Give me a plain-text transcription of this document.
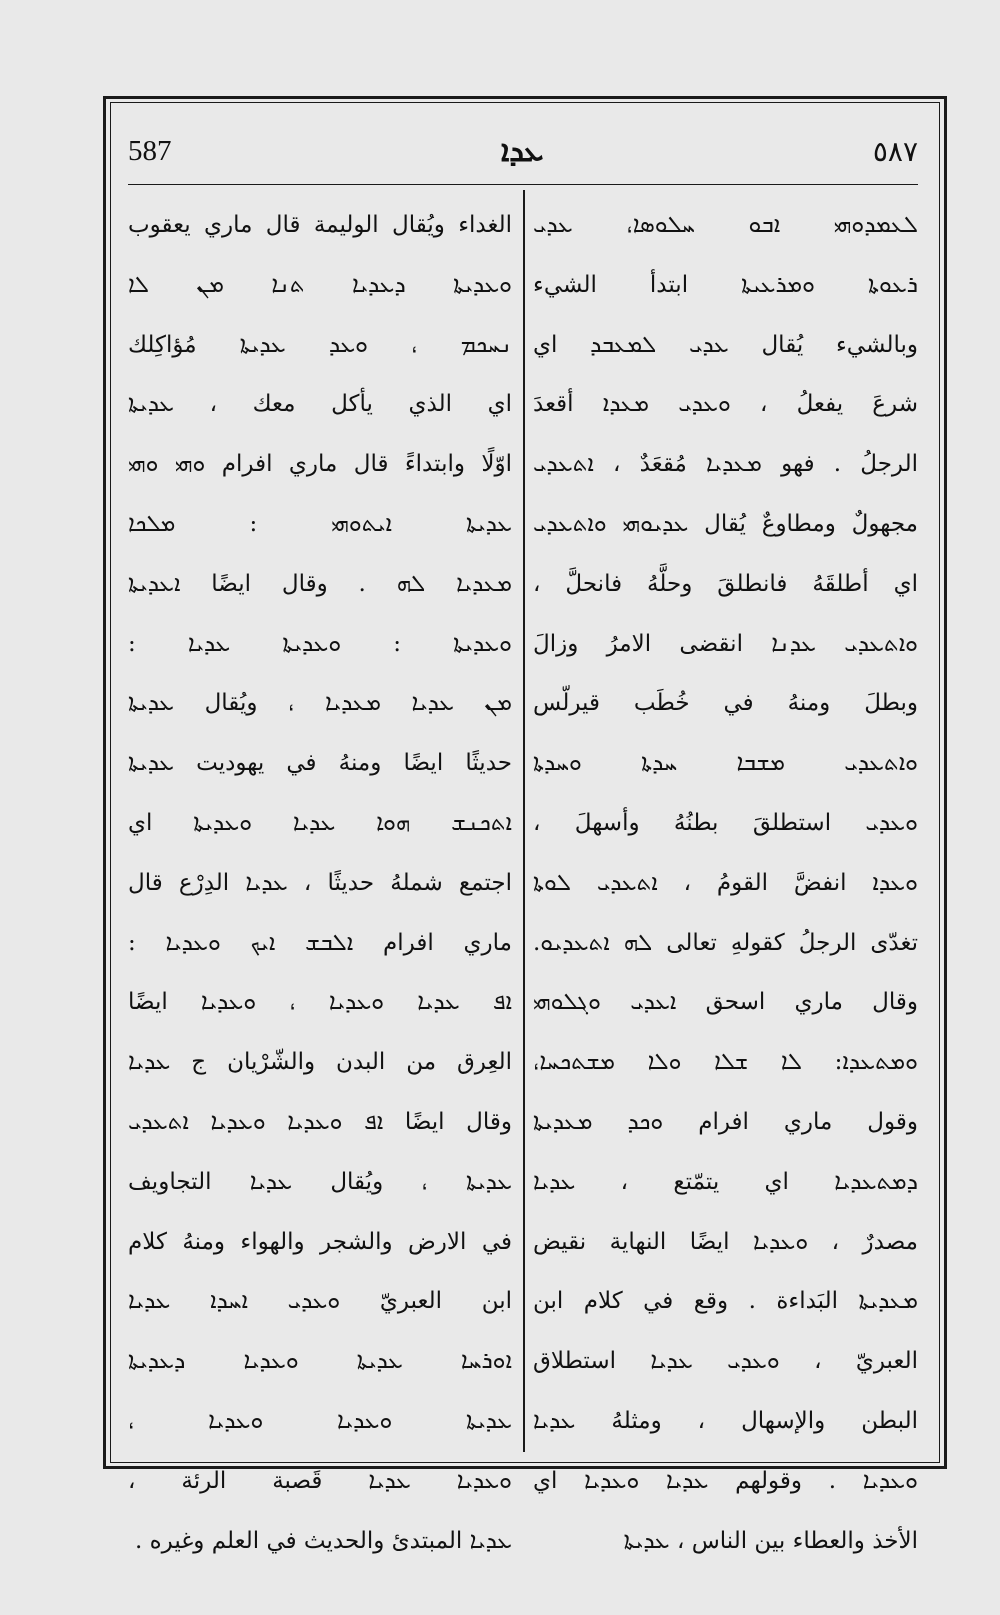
587	ܥܕܐ	٥٨٧
ܠܥܡܕܘܗܝ ܐܒܘ ܚܠܘܣܐ، ܥܕܝ
ܪܥܘܬܐ ܘܡܪܥܝܬܐ ابتدأ الشيء
وبالشيء يُقال ܥܕܝ ܠܡܥܒܕ اي
شرعَ يفعلُ ، ܘܥܕܝ ܡܥܕܐ أقعدَ
الرجلُ . فهو ܡܥܕܝܐ مُقعَدٌ ، ܐܬܥܕܝ
مجهولٌ ومطاوعٌ يُقال ܥܕܝܘܗܝ ܘܐܬܥܕܝ
اي أطلقَهُ فانطلقَ وحلَّهُ فانحلَّ ،
ܘܐܬܥܕܝ ܥܕܢܐ انقضى الامرُ وزالَ
وبطلَ ومنهُ في خُطَب قيرلّس
ܘܐܬܥܕܝ ܡܫܒܐ ܚܕܬܐ ܘܚܕܬܐ
ܘܥܕܝ استطلقَ بطنُهُ وأسهلَ ،
ܘܥܕܐ انفضَّ القومُ ، ܐܬܥܕܝ ܠܘܬܐ
تغدّى الرجلُ كقولهِ تعالى ܠܗ ܐܬܥܕܝܘ.
وقال ماري اسحق ܐܥܕܝ ܘܓܠܘܗܝ
ܘܡܬܥܕܐ: ܠܐ ܫܠܐ ܘܠܐ ܡܫܬܟܚܐ،
وقول ماري افرام ܘܟܕ ܡܥܕܝܬܐ
ܕܡܬܥܕܝܐ اي يتمّتع ، ܥܕܝܐ
مصدرٌ ، ܘܥܕܝܐ ايضًا النهاية نقيض
ܡܥܕܝܬܐ البَداءة . وقع في كلام ابن
العبريّ ، ܘܥܕܝ ܥܕܝܐ استطلاق
البطن والإسهال ، ومثلهُ ܥܕܝܐ
ܘܥܕܝܐ . وقولهم ܥܕܝܐ ܘܥܕܝܐ اي
الأخذ والعطاء بين الناس ، ܥܕܝܬܐ
الغداء ويُقال الوليمة قال ماري يعقوب
ܘܥܕܝܬܐ ܕܥܕܝܐ ܬܢܐ ܡܢ ܠܐ
ܢܚܟܡ ، ܘܥܕ ܥܕܝܬܐ مُؤاكِلك
اي الذي يأكل معك ، ܥܕܝܬܐ
اوّلًا وابتداءً قال ماري افرام ܘܗܝ ܘܗܝ
ܥܕܝܬܐ ܐܝܬܘܗܝ : ܡܠܟܐ
ܡܥܕܝܐ ܠܗ . وقال ايضًا ܐܥܕܝܬܐ
ܘܥܕܝܬܐ : ܘܥܕܝܬܐ ܥܕܝܐ :
ܡܢ ܥܕܝܐ ܡܥܕܝܐ ، ويُقال ܥܕܝܬܐ
حديثًا ايضًا ومنهُ في يهوديت ܥܕܝܬܐ
ܐܬܟܢܫ ܗܘܐ ܥܕܝܐ ܘܥܕܝܬܐ اي
اجتمع شملهُ حديثًا ، ܥܕܝܐ الدِرْع قال
ماري افرام ܐܠܒܫ ܐܝܟ ܘܥܕܝܐ :
ܐܦ ܥܕܝܐ ܘܥܕܝܐ ، ܘܥܕܝܐ ايضًا
العِرق من البدن والشّرْيان ج ܥܕܝܐ
وقال ايضًا ܐܦ ܘܥܕܝܐ ܘܥܕܝܐ ܐܬܥܕܝ
ܥܕܝܬܐ ، ويُقال ܥܕܝܐ التجاويف
في الارض والشجر والهواء ومنهُ كلام
ابن العبريّ ܘܥܕܝ ܐܚܕܐ ܥܕܝܐ
ܐܘܪܚܐ ܥܕܝܬܐ ܘܥܕܝܐ ܕܥܕܝܬܐ
ܥܕܝܬܐ ܘܥܕܝܐ ܘܥܕܝܐ ،
ܘܥܕܝܐ ܥܕܝܐ قَصبة الرئة ،
ܥܕܝܐ المبتدئ والحديث في العلم وغيره .
